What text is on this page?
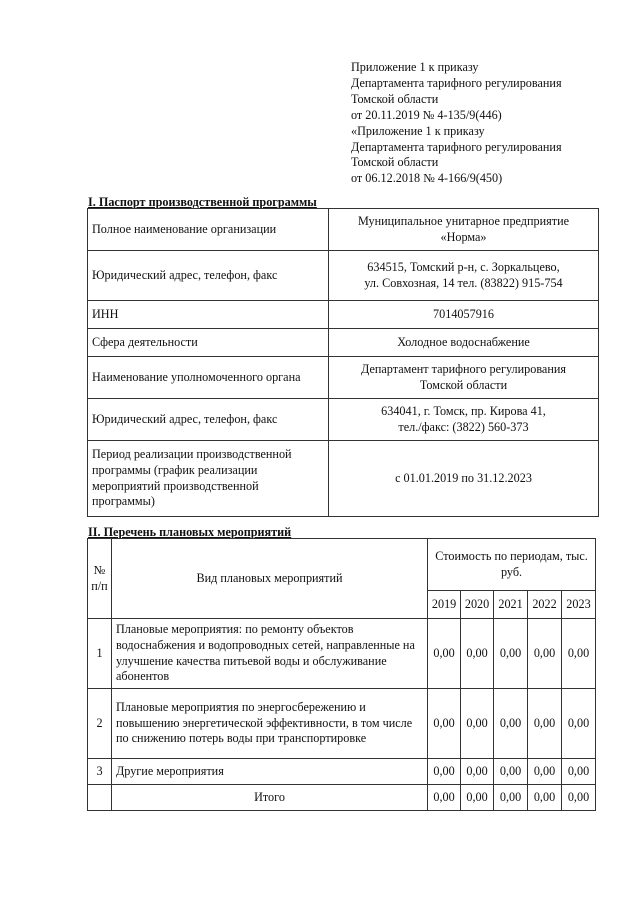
Приложение 1 к приказу
Департамента тарифного регулирования
Томской области
от 20.11.2019 № 4-135/9(446)
«Приложение 1 к приказу
Департамента тарифного регулирования
Томской области
от 06.12.2018 № 4-166/9(450)
I. Паспорт производственной программы
Полное наименование организации	Муниципальное унитарное предприятие
«Норма»

Юридический адрес, телефон, факс	634515, Томский р-н, с. Зоркальцево,
ул. Совхозная, 14 тел. (83822) 915-754

ИНН	7014057916

Сфера деятельности	Холодное водоснабжение

Наименование уполномоченного органа	Департамент тарифного регулирования
Томской области

Юридический адрес, телефон, факс	634041, г. Томск, пр. Кирова 41,
тел./факс: (3822) 560-373

Период реализации производственной программы (график реализации мероприятий производственной программы)	с 01.01.2019 по 31.12.2023
II. Перечень плановых мероприятий
№ п/п	Вид плановых мероприятий	Стоимость по периодам, тыс. руб.				
		2019	2020	2021	2022	2023
1	Плановые мероприятия: по ремонту объектов водоснабжения и водопроводных сетей, направленные на улучшение качества питьевой воды и обслуживание абонентов	0,00	0,00	0,00	0,00	0,00
2	Плановые мероприятия по энергосбережению и повышению энергетической эффективности, в том числе по снижению потерь воды при транспортировке	0,00	0,00	0,00	0,00	0,00
3	Другие мероприятия	0,00	0,00	0,00	0,00	0,00
	Итого	0,00	0,00	0,00	0,00	0,00
